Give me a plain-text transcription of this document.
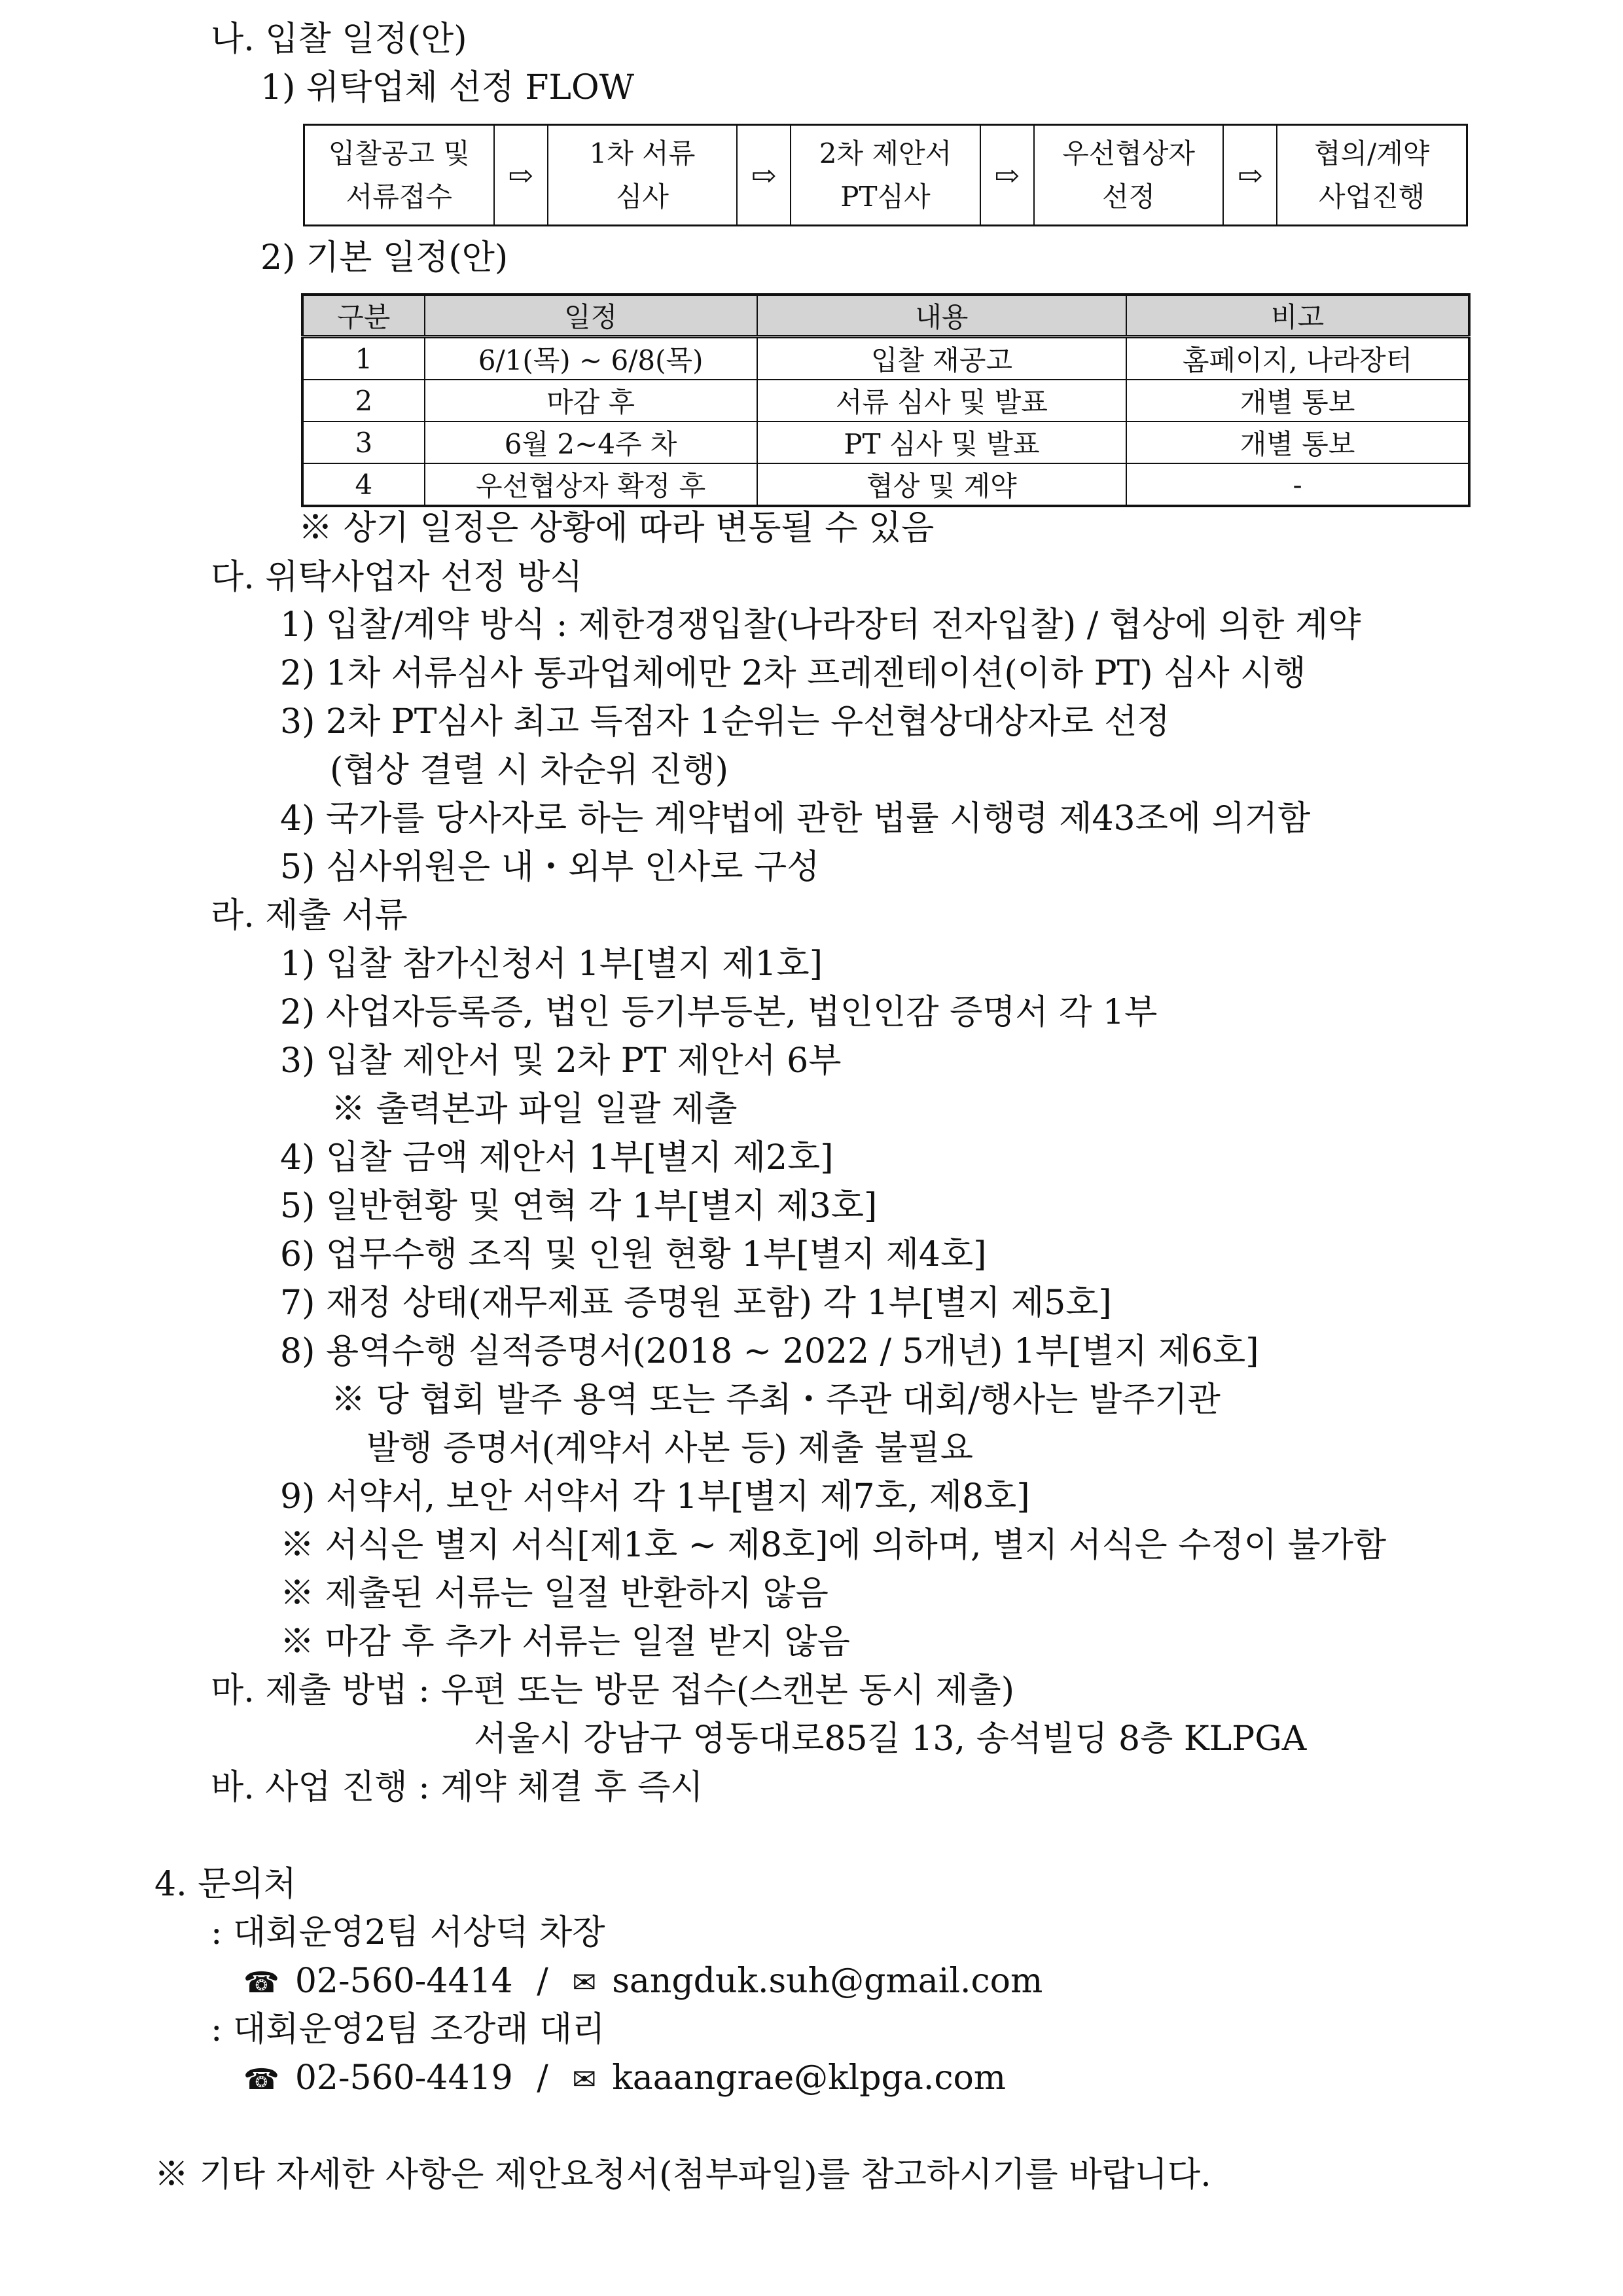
나. 입찰 일정(안)
1) 위탁업체 선정 FLOW
입찰공고 및
서류접수
⇨
1차 서류
심사
⇨
2차 제안서
PT심사
⇨
우선협상자
선정
⇨
협의/계약
사업진행
2) 기본 일정(안)
구분	일정	내용	비고
1	6/1(목) ~ 6/8(목)	입찰 재공고	홈페이지, 나라장터
2	마감 후	서류 심사 및 발표	개별 통보
3	6월 2~4주 차	PT 심사 및 발표	개별 통보
4	우선협상자 확정 후	협상 및 계약	-
※ 상기 일정은 상황에 따라 변동될 수 있음
다. 위탁사업자 선정 방식
1) 입찰/계약 방식 : 제한경쟁입찰(나라장터 전자입찰) / 협상에 의한 계약
2) 1차 서류심사 통과업체에만 2차 프레젠테이션(이하 PT) 심사 시행
3) 2차 PT심사 최고 득점자 1순위는 우선협상대상자로 선정
(협상 결렬 시 차순위 진행)
4) 국가를 당사자로 하는 계약법에 관한 법률 시행령 제43조에 의거함
5) 심사위원은 내・외부 인사로 구성
라. 제출 서류
1) 입찰 참가신청서 1부[별지 제1호]
2) 사업자등록증, 법인 등기부등본, 법인인감 증명서 각 1부
3) 입찰 제안서 및 2차 PT 제안서 6부
※ 출력본과 파일 일괄 제출
4) 입찰 금액 제안서 1부[별지 제2호]
5) 일반현황 및 연혁 각 1부[별지 제3호]
6) 업무수행 조직 및 인원 현황 1부[별지 제4호]
7) 재정 상태(재무제표 증명원 포함) 각 1부[별지 제5호]
8) 용역수행 실적증명서(2018 ~ 2022 / 5개년) 1부[별지 제6호]
※ 당 협회 발주 용역 또는 주최・주관 대회/행사는 발주기관
발행 증명서(계약서 사본 등) 제출 불필요
9) 서약서, 보안 서약서 각 1부[별지 제7호, 제8호]
※ 서식은 별지 서식[제1호 ~ 제8호]에 의하며, 별지 서식은 수정이 불가함
※ 제출된 서류는 일절 반환하지 않음
※ 마감 후 추가 서류는 일절 받지 않음
마. 제출 방법 : 우편 또는 방문 접수(스캔본 동시 제출)
서울시 강남구 영동대로85길 13, 송석빌딩 8층 KLPGA
바. 사업 진행 : 계약 체결 후 즉시
4. 문의처
: 대회운영2팀 서상덕 차장
☎ 02-560-4414 / ✉ sangduk.suh@gmail.com
: 대회운영2팀 조강래 대리
☎ 02-560-4419 / ✉ kaaangrae@klpga.com
※ 기타 자세한 사항은 제안요청서(첨부파일)를 참고하시기를 바랍니다.
